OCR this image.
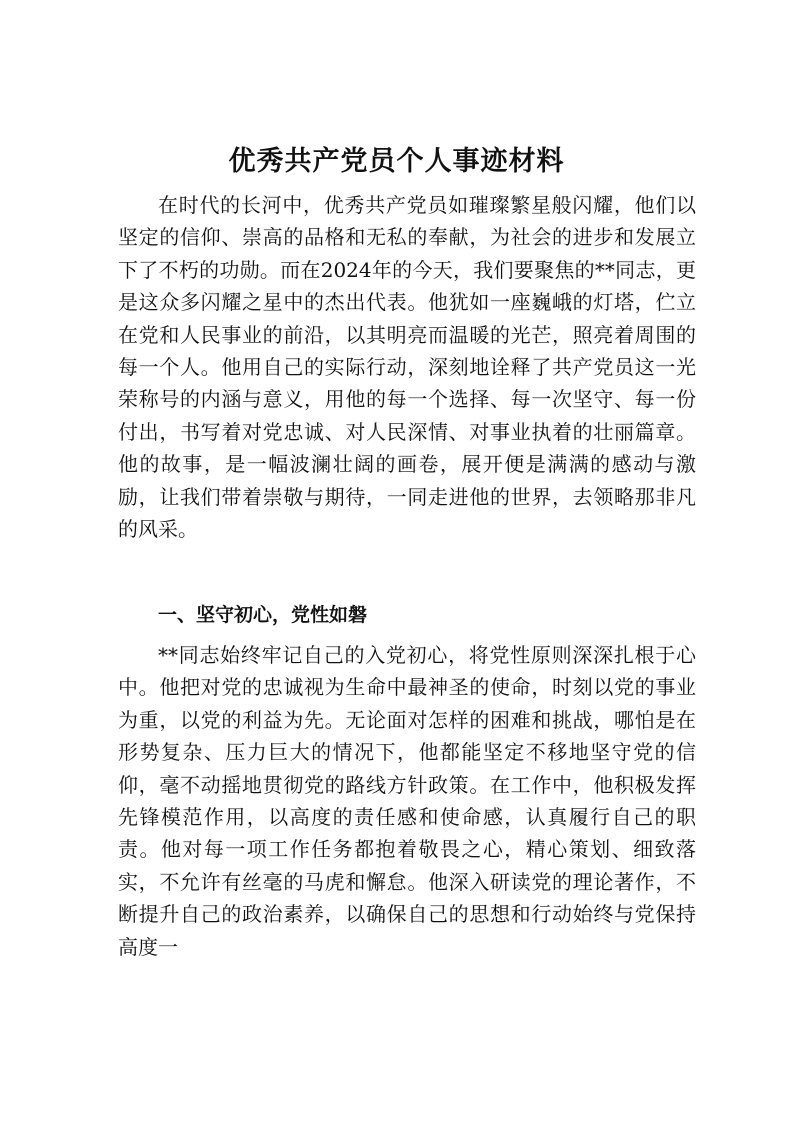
优秀共产党员个人事迹材料

在时代的长河中，优秀共产党员如璀璨繁星般闪耀，他们以坚定的信仰、崇高的品格和无私的奉献，为社会的进步和发展立下了不朽的功勋。而在2024年的今天，我们要聚焦的**同志，更是这众多闪耀之星中的杰出代表。他犹如一座巍峨的灯塔，伫立在党和人民事业的前沿，以其明亮而温暖的光芒，照亮着周围的每一个人。他用自己的实际行动，深刻地诠释了共产党员这一光荣称号的内涵与意义，用他的每一个选择、每一次坚守、每一份付出，书写着对党忠诚、对人民深情、对事业执着的壮丽篇章。他的故事，是一幅波澜壮阔的画卷，展开便是满满的感动与激励，让我们带着崇敬与期待，一同走进他的世界，去领略那非凡的风采。

一、坚守初心，党性如磐

**同志始终牢记自己的入党初心，将党性原则深深扎根于心中。他把对党的忠诚视为生命中最神圣的使命，时刻以党的事业为重，以党的利益为先。无论面对怎样的困难和挑战，哪怕是在形势复杂、压力巨大的情况下，他都能坚定不移地坚守党的信仰，毫不动摇地贯彻党的路线方针政策。在工作中，他积极发挥先锋模范作用，以高度的责任感和使命感，认真履行自己的职责。他对每一项工作任务都抱着敬畏之心，精心策划、细致落实，不允许有丝毫的马虎和懈怠。他深入研读党的理论著作，不断提升自己的政治素养，以确保自己的思想和行动始终与党保持高度一
